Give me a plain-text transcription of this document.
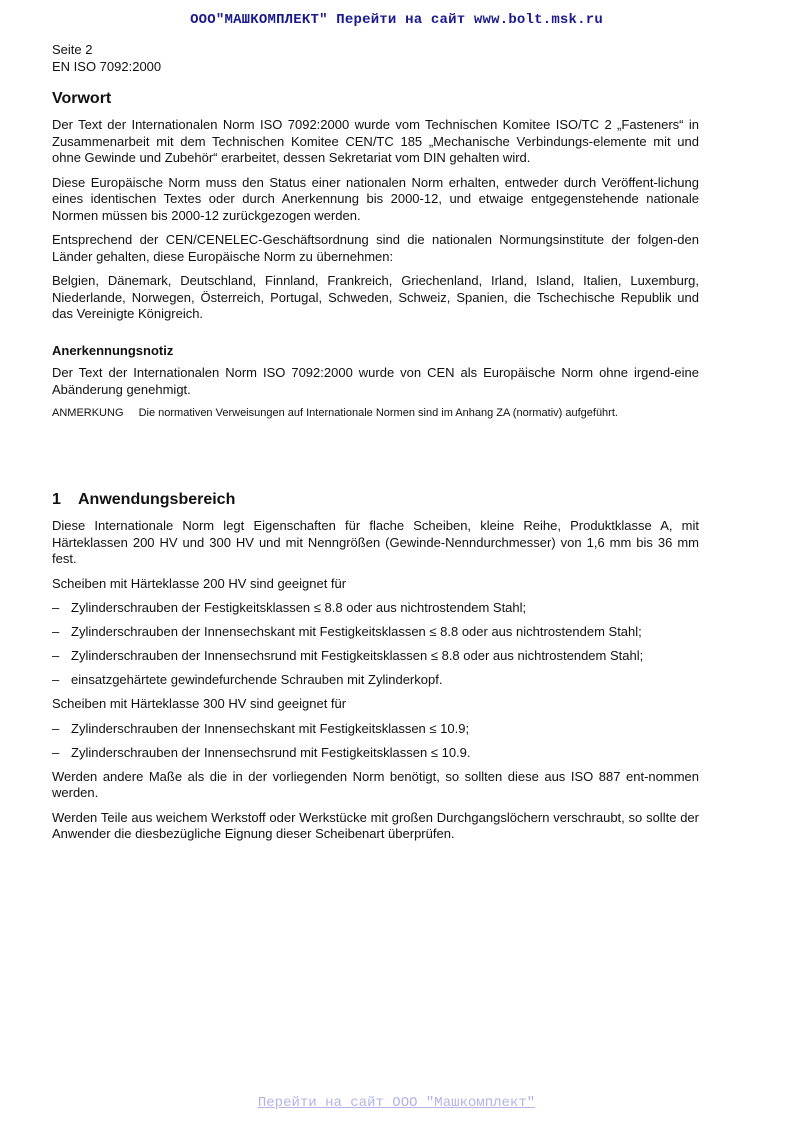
ООО"МАШКОМПЛЕКТ" Перейти на сайт www.bolt.msk.ru
Seite 2
EN ISO 7092:2000
Vorwort

Der Text der Internationalen Norm ISO 7092:2000 wurde vom Technischen Komitee ISO/TC 2 „Fasteners“ in Zusammenarbeit mit dem Technischen Komitee CEN/TC 185 „Mechanische Verbindungs-elemente mit und ohne Gewinde und Zubehör“ erarbeitet, dessen Sekretariat vom DIN gehalten wird.

Diese Europäische Norm muss den Status einer nationalen Norm erhalten, entweder durch Veröffent-lichung eines identischen Textes oder durch Anerkennung bis 2000-12, und etwaige entgegenstehende nationale Normen müssen bis 2000-12 zurückgezogen werden.

Entsprechend der CEN/CENELEC-Geschäftsordnung sind die nationalen Normungsinstitute der folgen-den Länder gehalten, diese Europäische Norm zu übernehmen:

Belgien, Dänemark, Deutschland, Finnland, Frankreich, Griechenland, Irland, Island, Italien, Luxemburg, Niederlande, Norwegen, Österreich, Portugal, Schweden, Schweiz, Spanien, die Tschechische Republik und das Vereinigte Königreich.

Anerkennungsnotiz

Der Text der Internationalen Norm ISO 7092:2000 wurde von CEN als Europäische Norm ohne irgend-eine Abänderung genehmigt.

ANMERKUNG Die normativen Verweisungen auf Internationale Normen sind im Anhang ZA (normativ) aufgeführt.

1 Anwendungsbereich

Diese Internationale Norm legt Eigenschaften für flache Scheiben, kleine Reihe, Produktklasse A, mit Härteklassen 200 HV und 300 HV und mit Nenngrößen (Gewinde-Nenndurchmesser) von 1,6 mm bis 36 mm fest.

Scheiben mit Härteklasse 200 HV sind geeignet für

– Zylinderschrauben der Festigkeitsklassen ≤ 8.8 oder aus nichtrostendem Stahl;
– Zylinderschrauben der Innensechskant mit Festigkeitsklassen ≤ 8.8 oder aus nichtrostendem Stahl;
– Zylinderschrauben der Innensechsrund mit Festigkeitsklassen ≤ 8.8 oder aus nichtrostendem Stahl;
– einsatzgehärtete gewindefurchende Schrauben mit Zylinderkopf.

Scheiben mit Härteklasse 300 HV sind geeignet für

– Zylinderschrauben der Innensechskant mit Festigkeitsklassen ≤ 10.9;
– Zylinderschrauben der Innensechsrund mit Festigkeitsklassen ≤ 10.9.

Werden andere Maße als die in der vorliegenden Norm benötigt, so sollten diese aus ISO 887 ent-nommen werden.

Werden Teile aus weichem Werkstoff oder Werkstücke mit großen Durchgangslöchern verschraubt, so sollte der Anwender die diesbezügliche Eignung dieser Scheibenart überprüfen.

Перейти на сайт ООО "Машкомплект"
